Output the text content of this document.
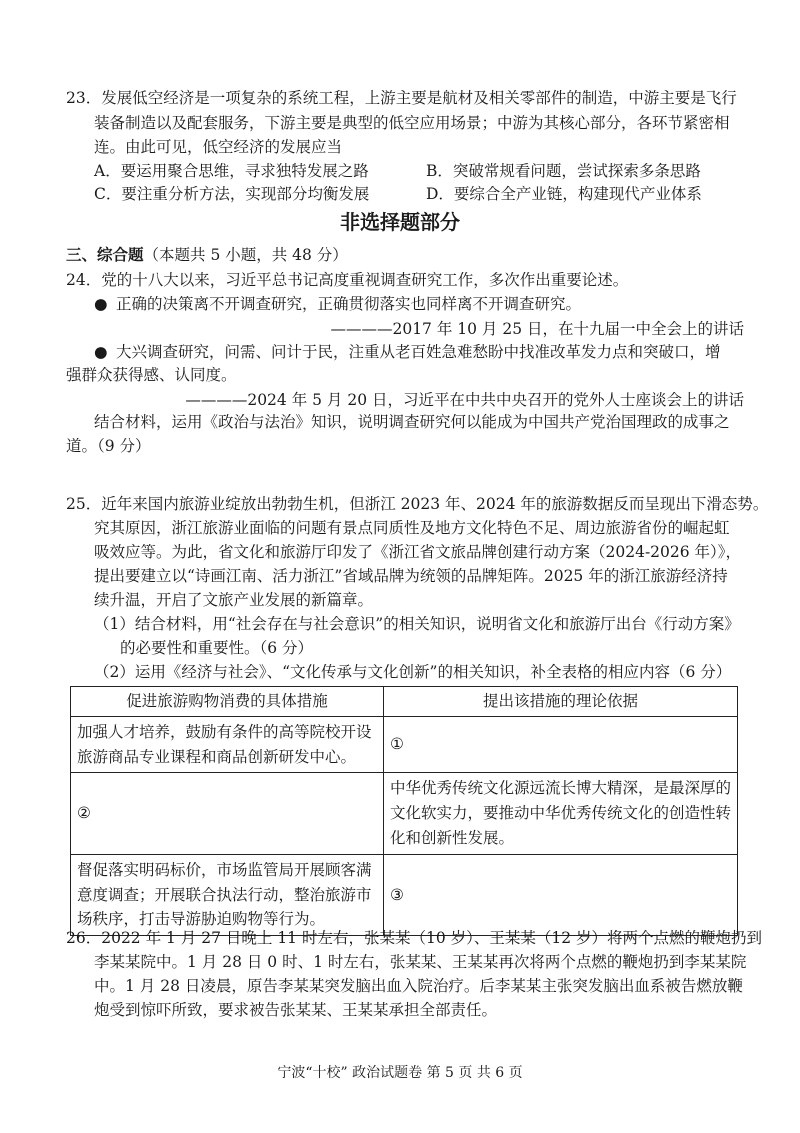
23．发展低空经济是一项复杂的系统工程，上游主要是航材及相关零部件的制造，中游主要是飞行
装备制造以及配套服务，下游主要是典型的低空应用场景；中游为其核心部分，各环节紧密相
连。由此可见，低空经济的发展应当
A．要运用聚合思维，寻求独特发展之路	B．突破常规看问题，尝试探索多条思路
C．要注重分析方法，实现部分均衡发展	D．要综合全产业链，构建现代产业体系
非选择题部分
三、综合题（本题共 5 小题，共 48 分）
24．党的十八大以来，习近平总书记高度重视调查研究工作，多次作出重要论述。
● 正确的决策离不开调查研究，正确贯彻落实也同样离不开调查研究。
————2017 年 10 月 25 日，在十九届一中全会上的讲话
● 大兴调查研究，问需、问计于民，注重从老百姓急难愁盼中找准改革发力点和突破口，增
强群众获得感、认同度。
————2024 年 5 月 20 日，习近平在中共中央召开的党外人士座谈会上的讲话
结合材料，运用《政治与法治》知识，说明调查研究何以能成为中国共产党治国理政的成事之
道。（9 分）
25．近年来国内旅游业绽放出勃勃生机，但浙江 2023 年、2024 年的旅游数据反而呈现出下滑态势。
究其原因，浙江旅游业面临的问题有景点同质性及地方文化特色不足、周边旅游省份的崛起虹
吸效应等。为此，省文化和旅游厅印发了《浙江省文旅品牌创建行动方案（2024-2026 年）》，
提出要建立以“诗画江南、活力浙江”省域品牌为统领的品牌矩阵。2025 年的浙江旅游经济持
续升温，开启了文旅产业发展的新篇章。
（1）结合材料，用“社会存在与社会意识”的相关知识，说明省文化和旅游厅出台《行动方案》
的必要性和重要性。（6 分）
（2）运用《经济与社会》、“文化传承与文化创新”的相关知识，补全表格的相应内容（6 分）
促进旅游购物消费的具体措施	提出该措施的理论依据
加强人才培养，鼓励有条件的高等院校开设旅游商品专业课程和商品创新研发中心。	①
②	中华优秀传统文化源远流长博大精深，是最深厚的文化软实力，要推动中华优秀传统文化的创造性转化和创新性发展。
督促落实明码标价，市场监管局开展顾客满意度调查；开展联合执法行动，整治旅游市场秩序，打击导游胁迫购物等行为。	③
26．2022 年 1 月 27 日晚上 11 时左右，张某某（10 岁）、王某某（12 岁）将两个点燃的鞭炮扔到
李某某院中。1 月 28 日 0 时、1 时左右，张某某、王某某再次将两个点燃的鞭炮扔到李某某院
中。1 月 28 日凌晨，原告李某某突发脑出血入院治疗。后李某某主张突发脑出血系被告燃放鞭
炮受到惊吓所致，要求被告张某某、王某某承担全部责任。
宁波“十校” 政治试题卷 第 5 页 共 6 页
